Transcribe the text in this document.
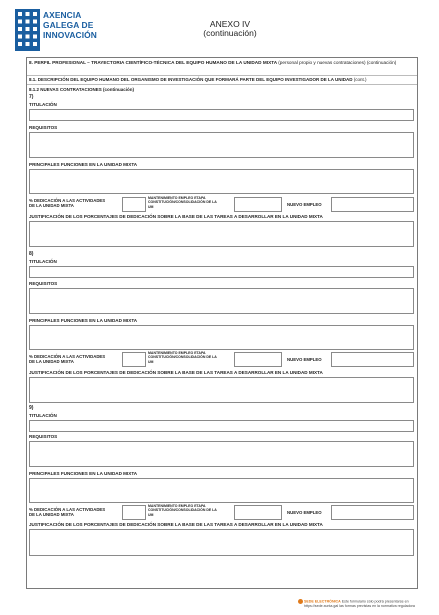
AXENCIA
GALEGA DE
INNOVACIÓN
ANEXO IV
(continuación)
8. PERFIL PROFESIONAL – TRAYECTORIA CIENTÍFICO-TÉCNICA DEL EQUIPO HUMANO DE LA UNIDAD MIXTA (personal propio y nuevas contrataciones) (continuación)
8.1. DESCRIPCIÓN DEL EQUIPO HUMANO DEL ORGANISMO DE INVESTIGACIÓN QUE FORMARÁ PARTE DEL EQUIPO INVESTIGADOR DE LA UNIDAD (cont.)
8.1.2 NUEVAS CONTRATACIONES (continuación)
7)
TITULACIÓN
REQUISITOS
PRINCIPALES FUNCIONES EN LA UNIDAD MIXTA
% DEDICACIÓN A LAS ACTIVIDADES
DE LA UNIDAD MIXTA
MANTENIMIENTO EMPLEO ETAPA
CONSTITUCIÓN/CONSOLIDACIÓN DE LA
UM	NUEVO EMPLEO
JUSTIFICACIÓN DE LOS PORCENTAJES DE DEDICACIÓN SOBRE LA BASE DE LAS TAREAS A DESARROLLAR EN LA UNIDAD MIXTA
8)
TITULACIÓN
REQUISITOS
PRINCIPALES FUNCIONES EN LA UNIDAD MIXTA
% DEDICACIÓN A LAS ACTIVIDADES
DE LA UNIDAD MIXTA
MANTENIMIENTO EMPLEO ETAPA
CONSTITUCIÓN/CONSOLIDACIÓN DE LA
UM	NUEVO EMPLEO
JUSTIFICACIÓN DE LOS PORCENTAJES DE DEDICACIÓN SOBRE LA BASE DE LAS TAREAS A DESARROLLAR EN LA UNIDAD MIXTA
9)
TITULACIÓN
REQUISITOS
PRINCIPALES FUNCIONES EN LA UNIDAD MIXTA
% DEDICACIÓN A LAS ACTIVIDADES
DE LA UNIDAD MIXTA
MANTENIMIENTO EMPLEO ETAPA
CONSTITUCIÓN/CONSOLIDACIÓN DE LA
UM	NUEVO EMPLEO
JUSTIFICACIÓN DE LOS PORCENTAJES DE DEDICACIÓN SOBRE LA BASE DE LAS TAREAS A DESARROLLAR EN LA UNIDAD MIXTA
SEDE ELECTRÓNICA Este formulario sólo podrá presentarse en
https://sede.xunta.gal las formas previstas en la normativa reguladora
